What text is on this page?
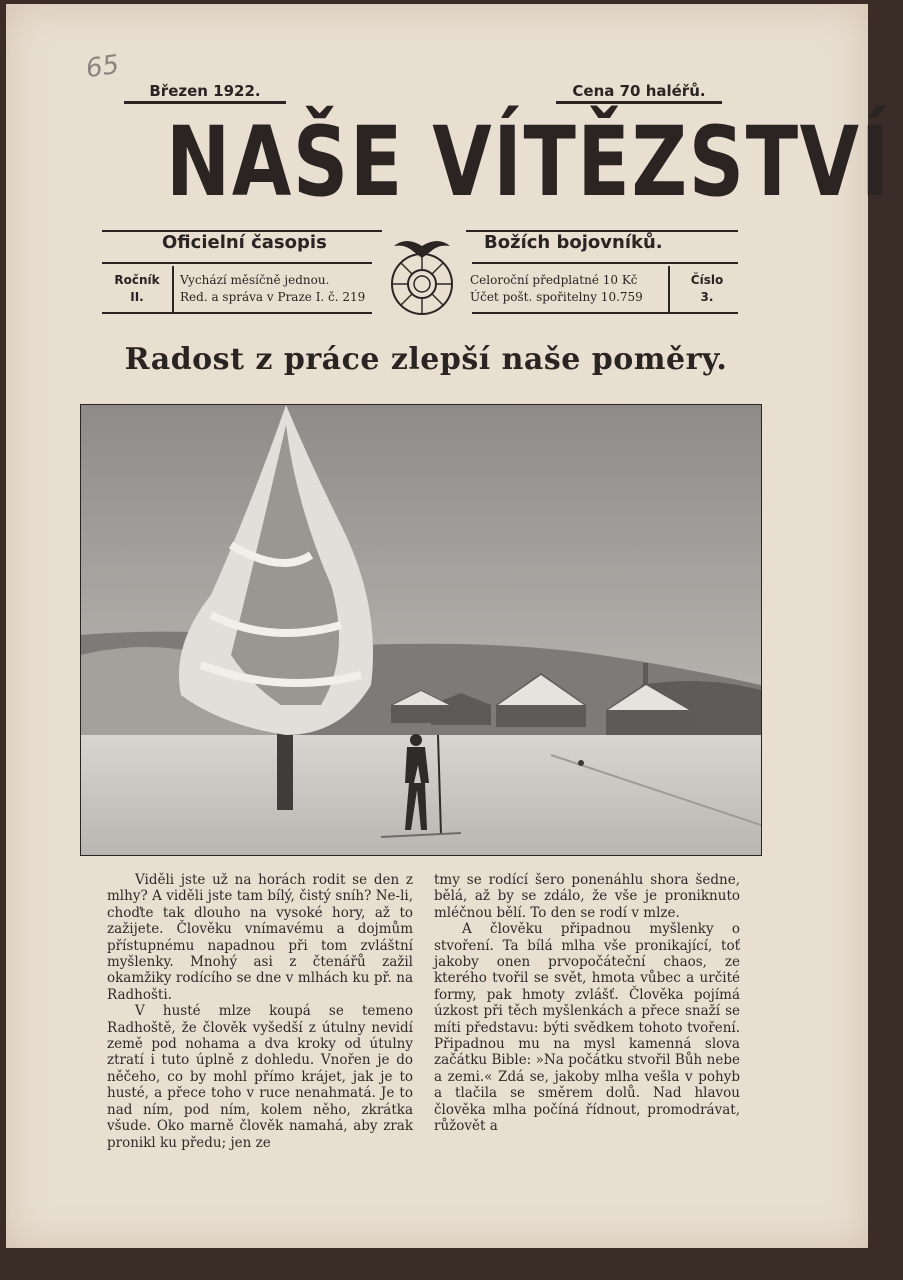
65
Březen 1922.	Cena 70 haléřů.
NAŠE VÍTĚZSTVÍ
Oficielní časopis	Božích bojovníků.
Ročník
II.
Vychází měsíčně jednou.
Red. a správa v Praze I. č. 219
Celoroční předplatné 10 Kč
Účet pošt. spořitelny 10.759
Číslo
3.
Radost z práce zlepší naše poměry.

Viděli jste už na horách rodit se den z mlhy? A viděli jste tam bílý, čistý sníh? Ne-li, choďte tak dlouho na vysoké hory, až to zažijete. Člověku vnímavému a dojmům přístupnému napadnou při tom zvláštní myšlenky. Mnohý asi z čtenářů zažil okamžiky rodícího se dne v mlhách ku př. na Radhošti.

V husté mlze koupá se temeno Radhoště, že člověk vyšedší z útulny nevidí země pod nohama a dva kroky od útulny ztratí i tuto úplně z dohledu. Vnořen je do něčeho, co by mohl přímo krájet, jak je to husté, a přece toho v ruce nenahmatá. Je to nad ním, pod ním, kolem něho, zkrátka všude. Oko marně člověk namahá, aby zrak pronikl ku předu; jen ze

tmy se rodící šero ponenáhlu shora šedne, bělá, až by se zdálo, že vše je proniknuto mléčnou bělí. To den se rodí v mlze.

A člověku připadnou myšlenky o stvoření. Ta bílá mlha vše pronikající, toť jakoby onen prvopočáteční chaos, ze kterého tvořil se svět, hmota vůbec a určité formy, pak hmoty zvlášť. Člověka pojímá úzkost při těch myšlenkách a přece snaží se míti představu: býti svědkem tohoto tvoření. Připadnou mu na mysl kamenná slova začátku Bible: »Na počátku stvořil Bůh nebe a zemi.« Zdá se, jakoby mlha vešla v pohyb a tlačila se směrem dolů. Nad hlavou člověka mlha počíná řídnout, promodrávat, růžovět a
